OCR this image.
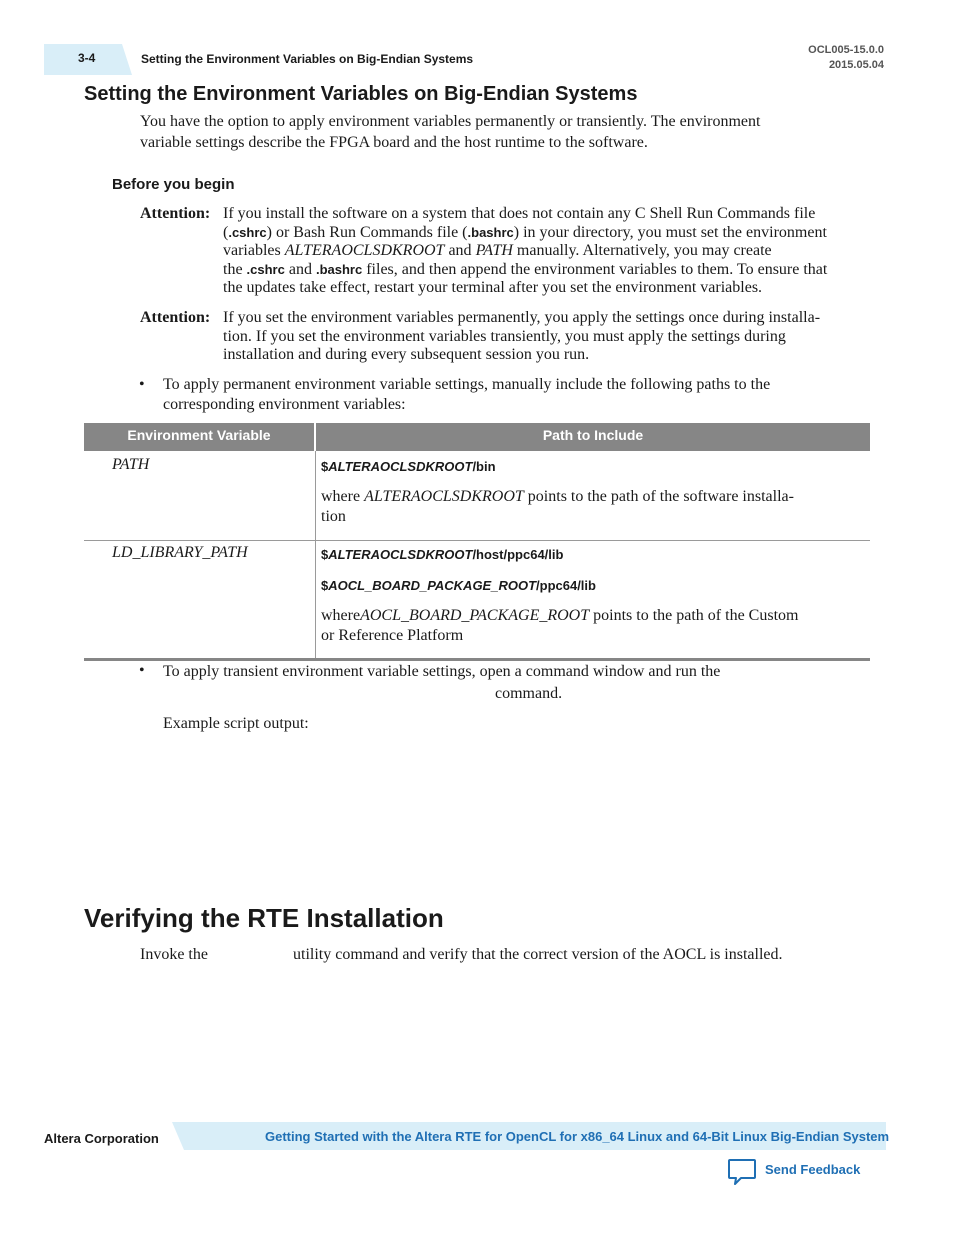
3-4	Setting the Environment Variables on Big-Endian Systems
OCL005-15.0.0
2015.05.04
Setting the Environment Variables on Big-Endian Systems
You have the option to apply environment variables permanently or transiently. The environment
variable settings describe the FPGA board and the host runtime to the software.
Before you begin
Attention: If you install the software on a system that does not contain any C Shell Run Commands file
(.cshrc) or Bash Run Commands file (.bashrc) in your directory, you must set the environment
variables ALTERAOCLSDKROOT and PATH manually. Alternatively, you may create
the .cshrc and .bashrc files, and then append the environment variables to them. To ensure that
the updates take effect, restart your terminal after you set the environment variables.
Attention: If you set the environment variables permanently, you apply the settings once during installa-
tion. If you set the environment variables transiently, you must apply the settings during
installation and during every subsequent session you run.
• To apply permanent environment variable settings, manually include the following paths to the
corresponding environment variables:
Environment Variable	Path to Include
PATH	$ALTERAOCLSDKROOT/bin
where ALTERAOCLSDKROOT points to the path of the software installa-
tion
LD_LIBRARY_PATH	$ALTERAOCLSDKROOT/host/ppc64/lib
$AOCL_BOARD_PACKAGE_ROOT/ppc64/lib
whereAOCL_BOARD_PACKAGE_ROOT points to the path of the Custom
or Reference Platform
• To apply transient environment variable settings, open a command window and run the
command.
Example script output:
Verifying the RTE Installation
Invoke the	utility command and verify that the correct version of the AOCL is installed.
Altera Corporation	Getting Started with the Altera RTE for OpenCL for x86_64 Linux and 64-Bit Linux Big-Endian System
Send Feedback
